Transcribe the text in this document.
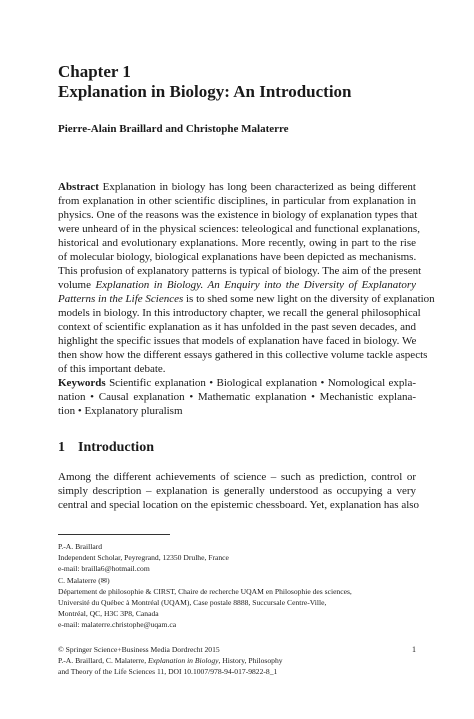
Chapter 1
Explanation in Biology: An Introduction
Pierre-Alain Braillard and Christophe Malaterre
Abstract Explanation in biology has long been characterized as being different
from explanation in other scientific disciplines, in particular from explanation in
physics. One of the reasons was the existence in biology of explanation types that
were unheard of in the physical sciences: teleological and functional explanations,
historical and evolutionary explanations. More recently, owing in part to the rise
of molecular biology, biological explanations have been depicted as mechanisms.
This profusion of explanatory patterns is typical of biology. The aim of the present
volume Explanation in Biology. An Enquiry into the Diversity of Explanatory
Patterns in the Life Sciences is to shed some new light on the diversity of explanation
models in biology. In this introductory chapter, we recall the general philosophical
context of scientific explanation as it has unfolded in the past seven decades, and
highlight the specific issues that models of explanation have faced in biology. We
then show how the different essays gathered in this collective volume tackle aspects
of this important debate.
Keywords Scientific explanation • Biological explanation • Nomological expla-
nation • Causal explanation • Mathematic explanation • Mechanistic explana-
tion • Explanatory pluralism
1 Introduction
Among the different achievements of science – such as prediction, control or
simply description – explanation is generally understood as occupying a very
central and special location on the epistemic chessboard. Yet, explanation has also
P.-A. Braillard
Independent Scholar, Peyregrand, 12350 Drulhe, France
e-mail: brailla6@hotmail.com
C. Malaterre (✉)
Département de philosophie & CIRST, Chaire de recherche UQAM en Philosophie des sciences,
Université du Québec à Montréal (UQAM), Case postale 8888, Succursale Centre-Ville,
Montréal, QC, H3C 3P8, Canada
e-mail: malaterre.christophe@uqam.ca
© Springer Science+Business Media Dordrecht 2015
P.-A. Braillard, C. Malaterre, Explanation in Biology, History, Philosophy
and Theory of the Life Sciences 11, DOI 10.1007/978-94-017-9822-8_1
1
